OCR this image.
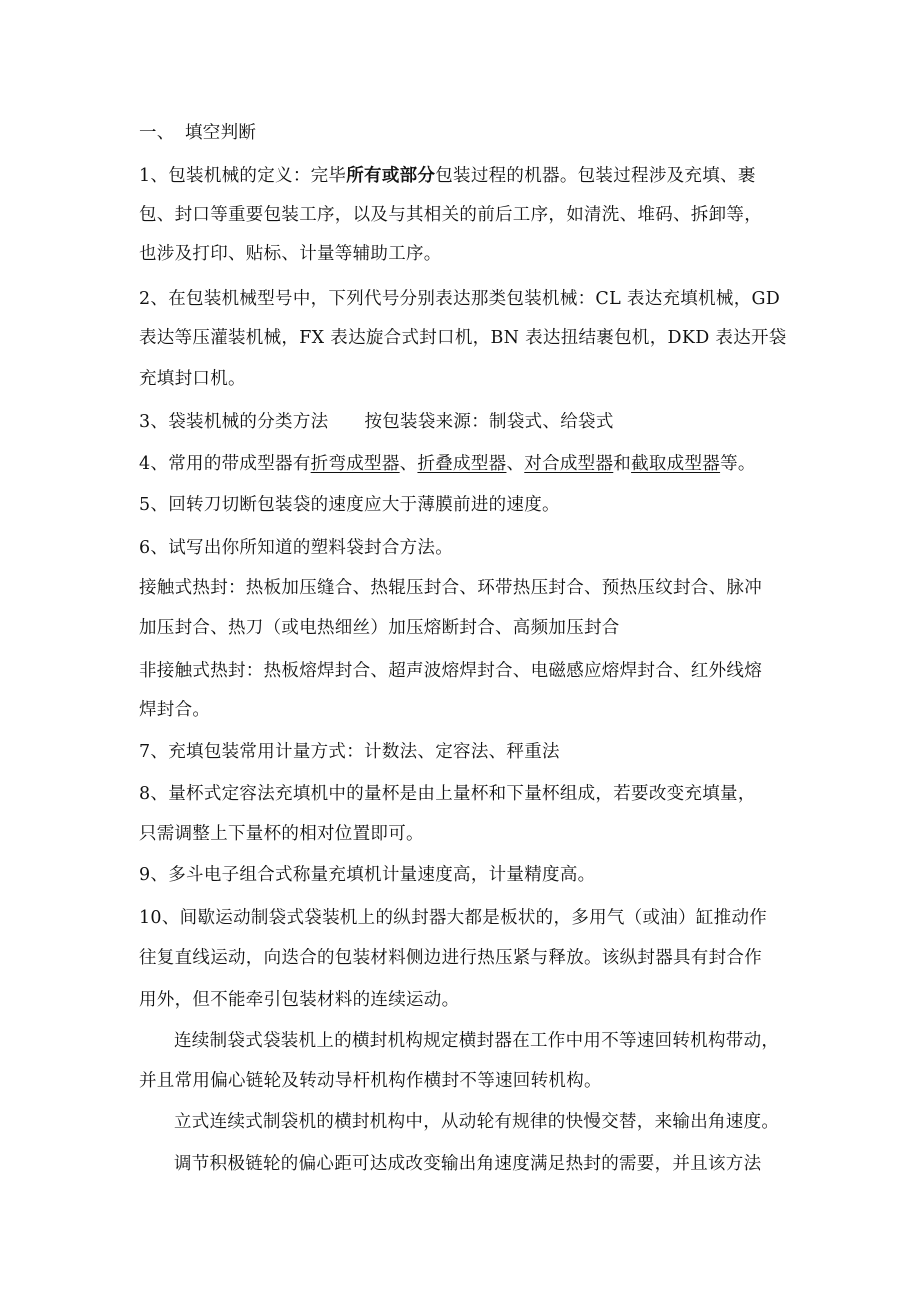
一、 填空判断
1、包装机械的定义：完毕所有或部分包装过程的机器。包装过程涉及充填、裹
包、封口等重要包装工序，以及与其相关的前后工序，如清洗、堆码、拆卸等，
也涉及打印、贴标、计量等辅助工序。
2、在包装机械型号中，下列代号分别表达那类包装机械：CL 表达充填机械，GD
表达等压灌装机械，FX 表达旋合式封口机，BN 表达扭结裹包机，DKD 表达开袋
充填封口机。
3、袋装机械的分类方法 按包装袋来源：制袋式、给袋式
4、常用的带成型器有折弯成型器、折叠成型器、对合成型器和截取成型器等。
5、回转刀切断包装袋的速度应大于薄膜前进的速度。
6、试写出你所知道的塑料袋封合方法。
接触式热封：热板加压缝合、热辊压封合、环带热压封合、预热压纹封合、脉冲
加压封合、热刀（或电热细丝）加压熔断封合、高频加压封合
非接触式热封：热板熔焊封合、超声波熔焊封合、电磁感应熔焊封合、红外线熔
焊封合。
7、充填包装常用计量方式：计数法、定容法、秤重法
8、量杯式定容法充填机中的量杯是由上量杯和下量杯组成，若要改变充填量，
只需调整上下量杯的相对位置即可。
9、多斗电子组合式称量充填机计量速度高，计量精度高。
10、间歇运动制袋式袋装机上的纵封器大都是板状的，多用气（或油）缸推动作
往复直线运动，向迭合的包装材料侧边进行热压紧与释放。该纵封器具有封合作
用外，但不能牵引包装材料的连续运动。
连续制袋式袋装机上的横封机构规定横封器在工作中用不等速回转机构带动，
并且常用偏心链轮及转动导杆机构作横封不等速回转机构。
立式连续式制袋机的横封机构中，从动轮有规律的快慢交替，来输出角速度。
调节积极链轮的偏心距可达成改变输出角速度满足热封的需要，并且该方法
